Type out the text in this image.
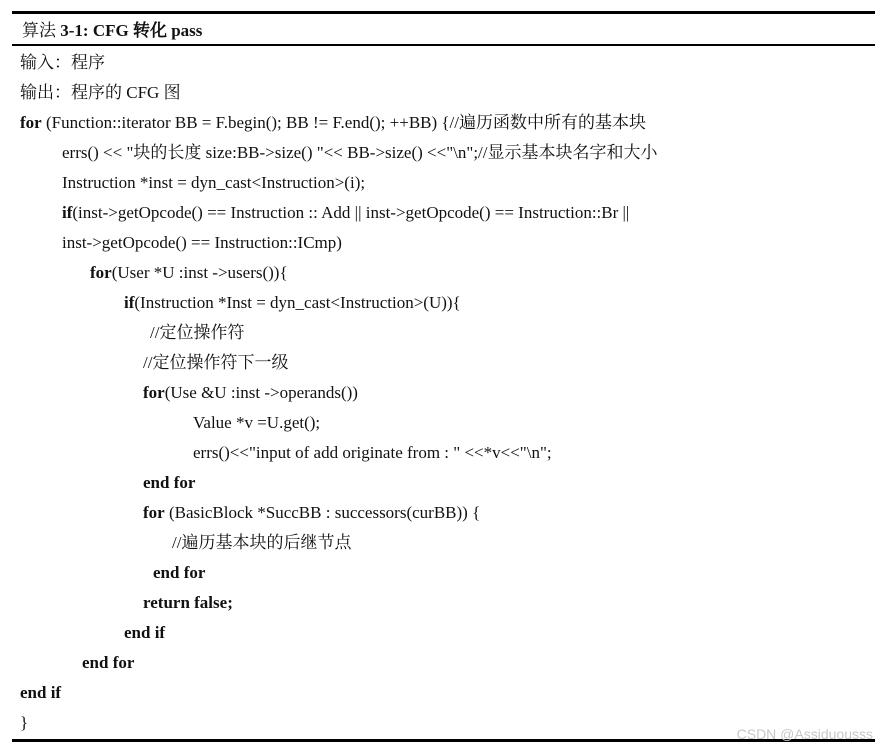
算法 3-1: CFG 转化 pass
输入：程序
输出：程序的 CFG 图
for (Function::iterator BB = F.begin(); BB != F.end(); ++BB) {//遍历函数中所有的基本块
errs() << "块的长度 size:BB->size() "<< BB->size() <<"\n";//显示基本块名字和大小
Instruction *inst = dyn_cast<Instruction>(i);
if(inst->getOpcode() == Instruction :: Add || inst->getOpcode() == Instruction::Br ||
inst->getOpcode() == Instruction::ICmp)
for(User *U :inst ->users()){
if(Instruction *Inst = dyn_cast<Instruction>(U)){
//定位操作符
//定位操作符下一级
for(Use &U :inst ->operands())
Value *v =U.get();
errs()<<"input of add originate from : " <<*v<<"\n";
end for
for (BasicBlock *SuccBB : successors(curBB)) {
//遍历基本块的后继节点
end for
return false;
end if
end for
end if
}
CSDN @Assiduousss
